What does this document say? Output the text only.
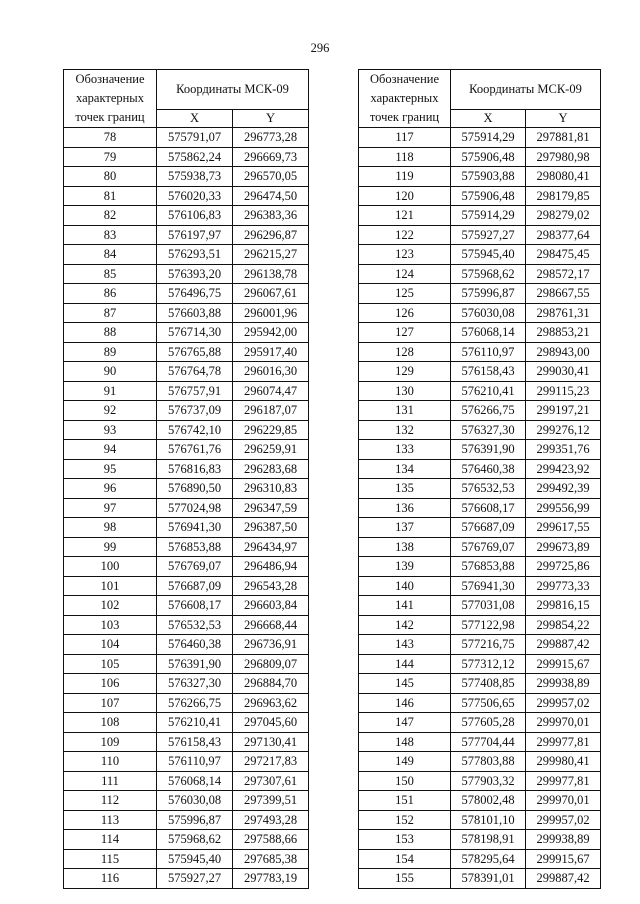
296
Обозначение характерных точек границ	Координаты МСК-09	
	X	Y
78	575791,07	296773,28
79	575862,24	296669,73
80	575938,73	296570,05
81	576020,33	296474,50
82	576106,83	296383,36
83	576197,97	296296,87
84	576293,51	296215,27
85	576393,20	296138,78
86	576496,75	296067,61
87	576603,88	296001,96
88	576714,30	295942,00
89	576765,88	295917,40
90	576764,78	296016,30
91	576757,91	296074,47
92	576737,09	296187,07
93	576742,10	296229,85
94	576761,76	296259,91
95	576816,83	296283,68
96	576890,50	296310,83
97	577024,98	296347,59
98	576941,30	296387,50
99	576853,88	296434,97
100	576769,07	296486,94
101	576687,09	296543,28
102	576608,17	296603,84
103	576532,53	296668,44
104	576460,38	296736,91
105	576391,90	296809,07
106	576327,30	296884,70
107	576266,75	296963,62
108	576210,41	297045,60
109	576158,43	297130,41
110	576110,97	297217,83
111	576068,14	297307,61
112	576030,08	297399,51
113	575996,87	297493,28
114	575968,62	297588,66
115	575945,40	297685,38
116	575927,27	297783,19
Обозначение характерных точек границ	Координаты МСК-09	
	X	Y
117	575914,29	297881,81
118	575906,48	297980,98
119	575903,88	298080,41
120	575906,48	298179,85
121	575914,29	298279,02
122	575927,27	298377,64
123	575945,40	298475,45
124	575968,62	298572,17
125	575996,87	298667,55
126	576030,08	298761,31
127	576068,14	298853,21
128	576110,97	298943,00
129	576158,43	299030,41
130	576210,41	299115,23
131	576266,75	299197,21
132	576327,30	299276,12
133	576391,90	299351,76
134	576460,38	299423,92
135	576532,53	299492,39
136	576608,17	299556,99
137	576687,09	299617,55
138	576769,07	299673,89
139	576853,88	299725,86
140	576941,30	299773,33
141	577031,08	299816,15
142	577122,98	299854,22
143	577216,75	299887,42
144	577312,12	299915,67
145	577408,85	299938,89
146	577506,65	299957,02
147	577605,28	299970,01
148	577704,44	299977,81
149	577803,88	299980,41
150	577903,32	299977,81
151	578002,48	299970,01
152	578101,10	299957,02
153	578198,91	299938,89
154	578295,64	299915,67
155	578391,01	299887,42
